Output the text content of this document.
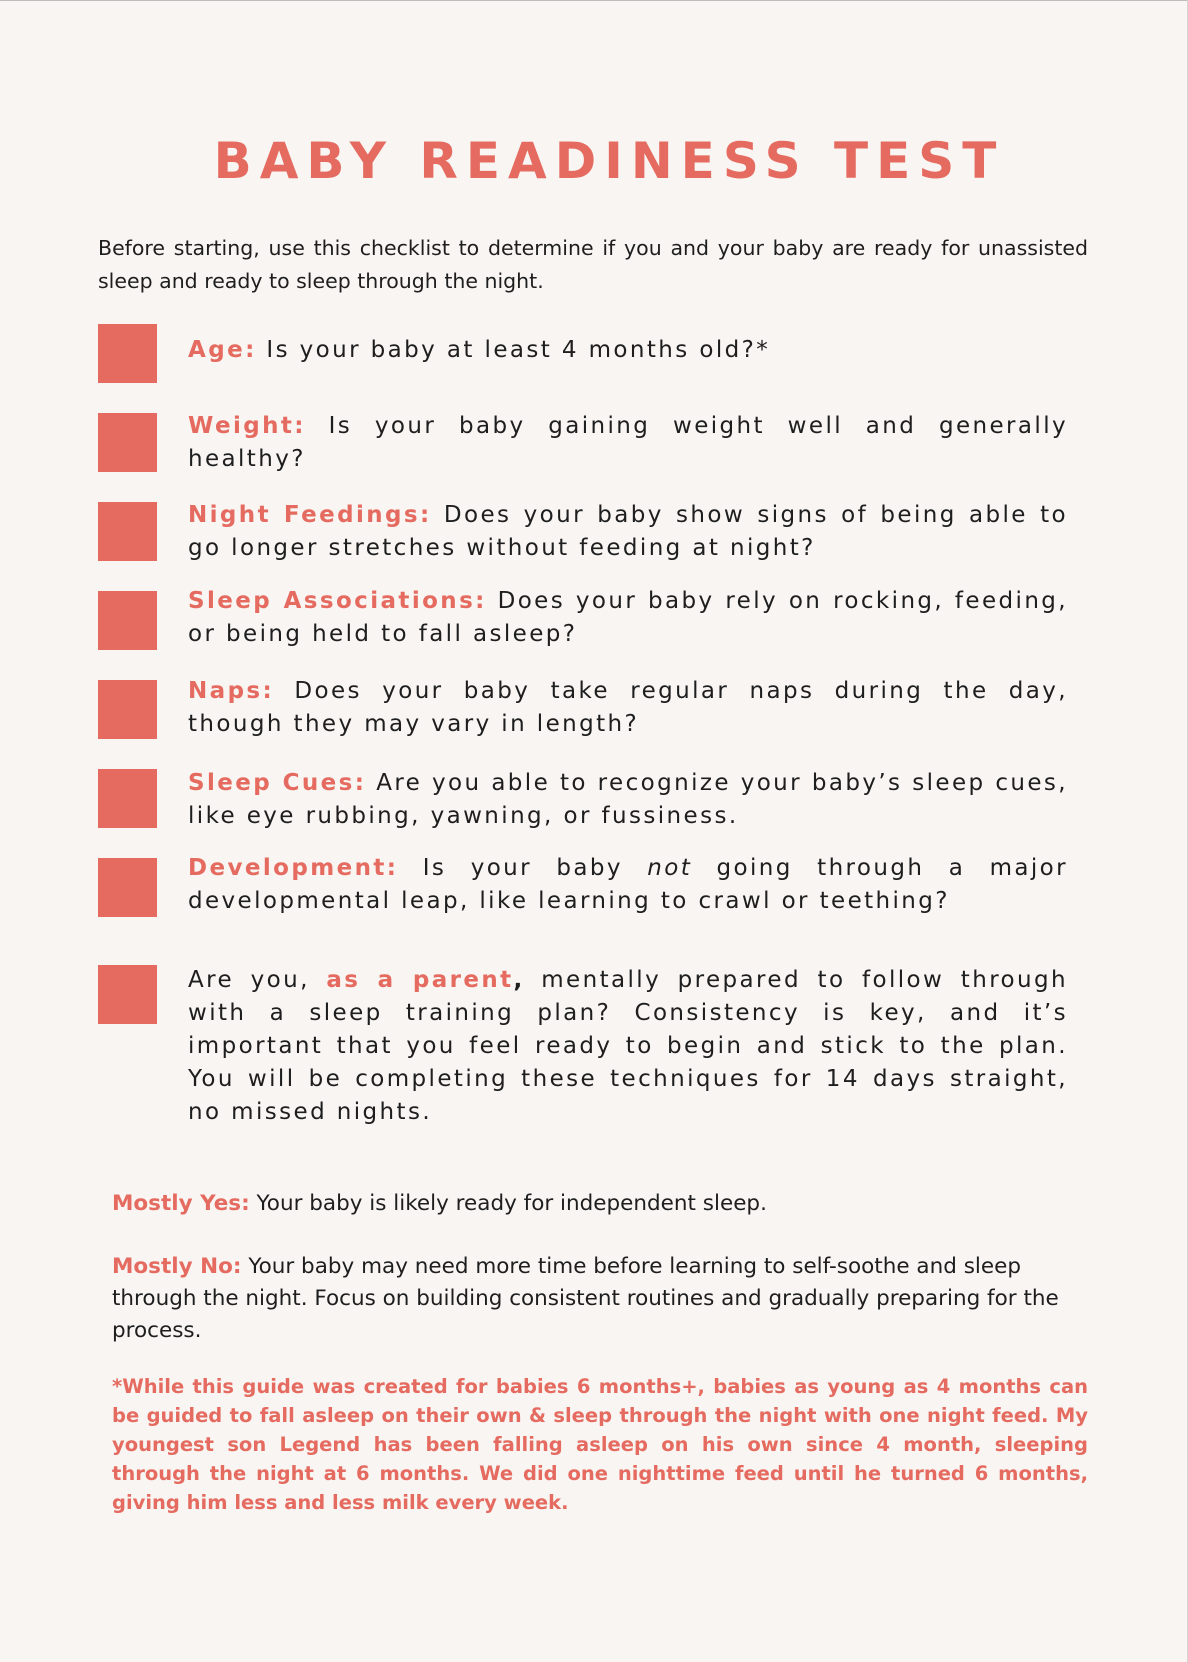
BABY READINESS TEST

Before starting, use this checklist to determine if you and your baby are ready for unassisted sleep and ready to sleep through the night.

Age: Is your baby at least 4 months old?*

Weight: Is your baby gaining weight well and generally healthy?

Night Feedings: Does your baby show signs of being able to go longer stretches without feeding at night?

Sleep Associations: Does your baby rely on rocking, feeding, or being held to fall asleep?

Naps: Does your baby take regular naps during the day, though they may vary in length?

Sleep Cues: Are you able to recognize your baby’s sleep cues, like eye rubbing, yawning, or fussiness.

Development: Is your baby not going through a major developmental leap, like learning to crawl or teething?

Are you, as a parent, mentally prepared to follow through with a sleep training plan? Consistency is key, and it’s important that you feel ready to begin and stick to the plan. You will be completing these techniques for 14 days straight, no missed nights.

Mostly Yes: Your baby is likely ready for independent sleep.

Mostly No: Your baby may need more time before learning to self-soothe and sleep through the night. Focus on building consistent routines and gradually preparing for the process.

*While this guide was created for babies 6 months+, babies as young as 4 months can be guided to fall asleep on their own & sleep through the night with one night feed. My youngest son Legend has been falling asleep on his own since 4 month, sleeping through the night at 6 months. We did one nighttime feed until he turned 6 months, giving him less and less milk every week.
